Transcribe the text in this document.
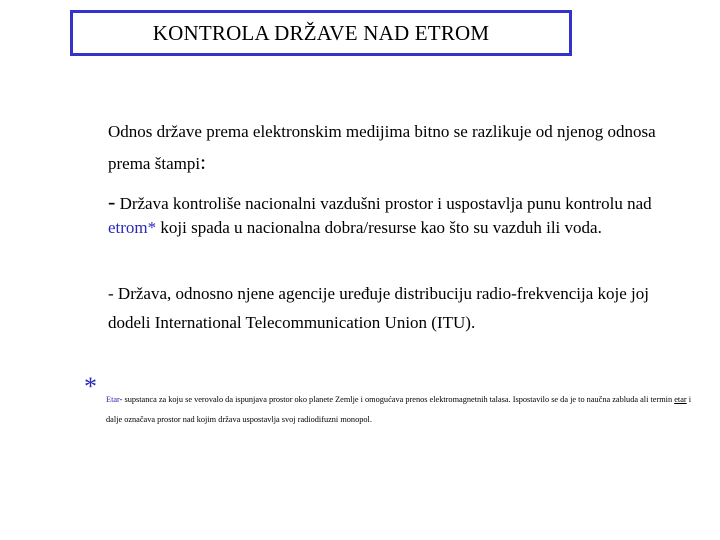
KONTROLA DRŽAVE NAD ETROM
Odnos države prema elektronskim medijima bitno se razlikuje od njenog odnosa prema štampi:
- Država kontroliše nacionalni vazdušni prostor i uspostavlja punu kontrolu nad etrom* koji spada u nacionalna dobra/resurse kao što su vazduh ili voda.
- Država, odnosno njene agencije uređuje distribuciju radio-frekvencija koje joj dodeli International Telecommunication Union (ITU).
* Etar- supstanca za koju se verovalo da ispunjava prostor oko planete Zemlje i omogućava prenos elektromagnetnih talasa. Ispostavilo se da je to naučna zabluda ali termin etar i dalje označava prostor nad kojim država uspostavlja svoj radiodifuzni monopol.
